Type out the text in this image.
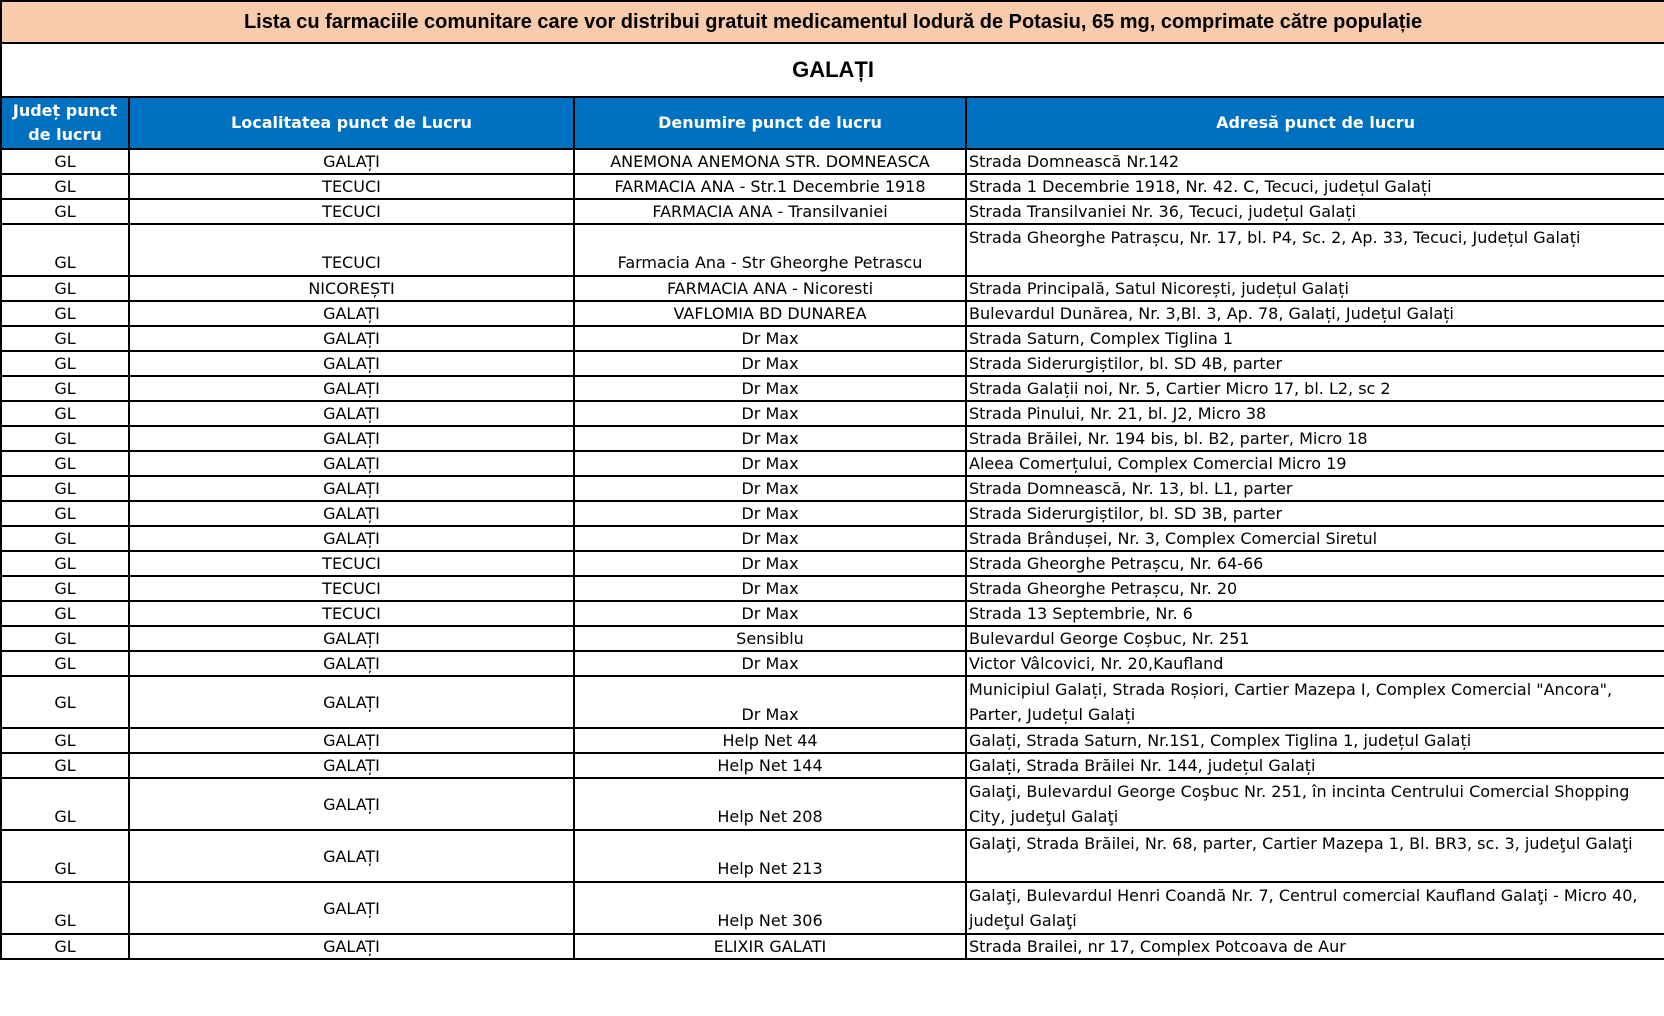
Lista cu farmaciile comunitare care vor distribui gratuit medicamentul Iodură de Potasiu, 65 mg, comprimate către populație			
GALAȚI			
Județ punct de lucru	Localitatea punct de Lucru	Denumire punct de lucru	Adresă punct de lucru
GL	GALAȚI	ANEMONA ANEMONA STR. DOMNEASCA	Strada Domnească Nr.142
GL	TECUCI	FARMACIA ANA - Str.1 Decembrie 1918	Strada 1 Decembrie 1918, Nr. 42. C, Tecuci, județul Galați
GL	TECUCI	FARMACIA ANA - Transilvaniei	Strada Transilvaniei Nr. 36, Tecuci, județul Galați
GL	TECUCI	Farmacia Ana - Str Gheorghe Petrascu	Strada Gheorghe Patrașcu, Nr. 17, bl. P4, Sc. 2, Ap. 33, Tecuci, Județul Galați
GL	NICOREȘTI	FARMACIA ANA - Nicoresti	Strada Principală, Satul Nicorești, județul Galați
GL	GALAȚI	VAFLOMIA BD DUNAREA	Bulevardul Dunărea, Nr. 3,Bl. 3, Ap. 78, Galați, Județul Galați
GL	GALAȚI	Dr Max	Strada Saturn, Complex Tiglina 1
GL	GALAȚI	Dr Max	Strada Siderurgiștilor, bl. SD 4B, parter
GL	GALAȚI	Dr Max	Strada Galații noi, Nr. 5, Cartier Micro 17, bl. L2, sc 2
GL	GALAȚI	Dr Max	Strada Pinului, Nr. 21, bl. J2, Micro 38
GL	GALAȚI	Dr Max	Strada Brăilei, Nr. 194 bis, bl. B2, parter, Micro 18
GL	GALAȚI	Dr Max	Aleea Comerțului, Complex Comercial Micro 19
GL	GALAȚI	Dr Max	Strada Domnească, Nr. 13, bl. L1, parter
GL	GALAȚI	Dr Max	Strada Siderurgiștilor, bl. SD 3B, parter
GL	GALAȚI	Dr Max	Strada Brândușei, Nr. 3, Complex Comercial Siretul
GL	TECUCI	Dr Max	Strada Gheorghe Petrașcu, Nr. 64-66
GL	TECUCI	Dr Max	Strada Gheorghe Petrașcu, Nr. 20
GL	TECUCI	Dr Max	Strada 13 Septembrie, Nr. 6
GL	GALAȚI	Sensiblu	Bulevardul George Coșbuc, Nr. 251
GL	GALAȚI	Dr Max	Victor Vâlcovici, Nr. 20,Kaufland
GL	GALAȚI	Dr Max	Municipiul Galați, Strada Roșiori, Cartier Mazepa I, Complex Comercial "Ancora", Parter, Județul Galați
GL	GALAȚI	Help Net 44	Galați, Strada Saturn, Nr.1S1, Complex Tiglina 1, județul Galați
GL	GALAȚI	Help Net 144	Galați, Strada Brăilei Nr. 144, județul Galați
GL	GALAȚI	Help Net 208	Galaţi, Bulevardul George Coşbuc Nr. 251, în incinta Centrului Comercial Shopping City, judeţul Galaţi
GL	GALAȚI	Help Net 213	Galaţi, Strada Brăilei, Nr. 68, parter, Cartier Mazepa 1, Bl. BR3, sc. 3, judeţul Galaţi
GL	GALAȚI	Help Net 306	Galaţi, Bulevardul Henri Coandă Nr. 7, Centrul comercial Kaufland Galaţi - Micro 40, judeţul Galaţi
GL	GALAȚI	ELIXIR GALATI	Strada Brailei, nr 17, Complex Potcoava de Aur
